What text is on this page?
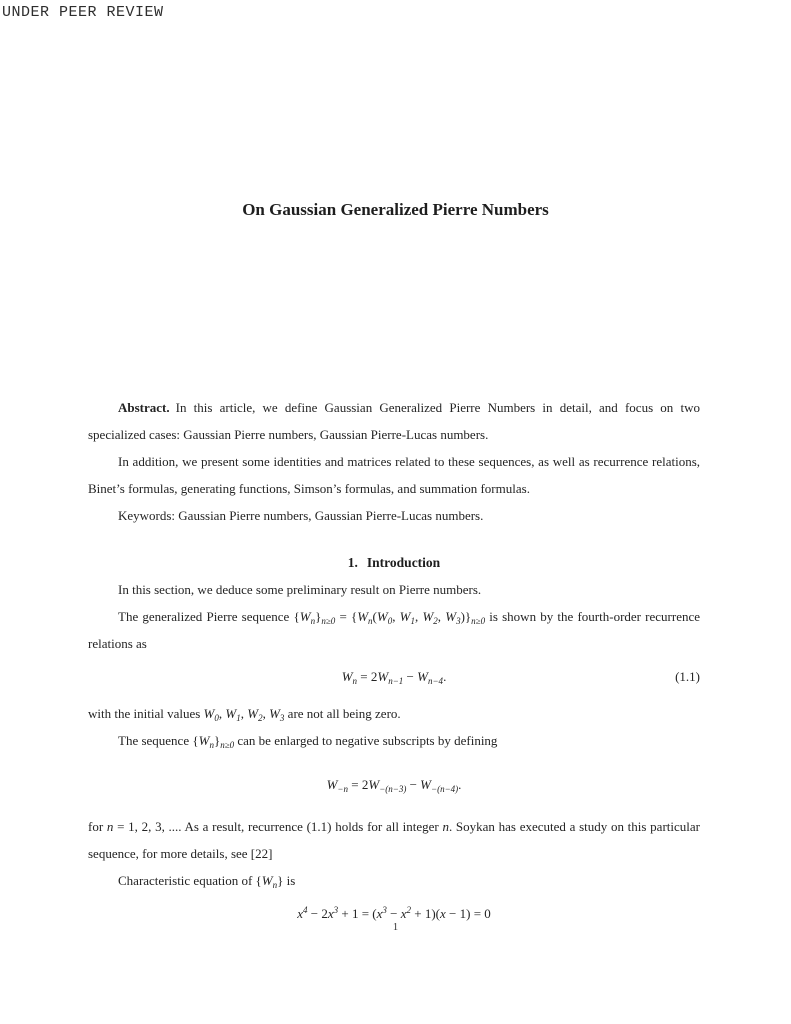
UNDER PEER REVIEW
On Gaussian Generalized Pierre Numbers

Abstract. In this article, we define Gaussian Generalized Pierre Numbers in detail, and focus on two specialized cases: Gaussian Pierre numbers, Gaussian Pierre-Lucas numbers.

In addition, we present some identities and matrices related to these sequences, as well as recurrence relations, Binet’s formulas, generating functions, Simson’s formulas, and summation formulas.

Keywords: Gaussian Pierre numbers, Gaussian Pierre-Lucas numbers.

1. Introduction

In this section, we deduce some preliminary result on Pierre numbers.

The generalized Pierre sequence $\{W_n\}_{n\ge 0} = \{W_n(W_0$, $W_1$, $W_2$, $W_3)\}_{n\ge 0}$ is shown by the fourth-order recurrence relations as

$W_n = 2W_{n-1} - W_{n-4}$.	(1.1)

with the initial values $W_0$, $W_1$, $W_2$, $W_3$ are not all being zero.

The sequence $\{W_n\}_{n\ge 0}$ can be enlarged to negative subscripts by defining

$W_{-n} = 2W_{-(n-3)} - W_{-(n-4)}$.

for n = 1, 2, 3, .... As a result, recurrence (1.1) holds for all integer n. Soykan has executed a study on this particular sequence, for more details, see [22]

Characteristic equation of $\{W_n\}$ is

$x^4 - 2x^3 + 1 = (x^3 - x^2 + 1)(x - 1) = 0$
1
